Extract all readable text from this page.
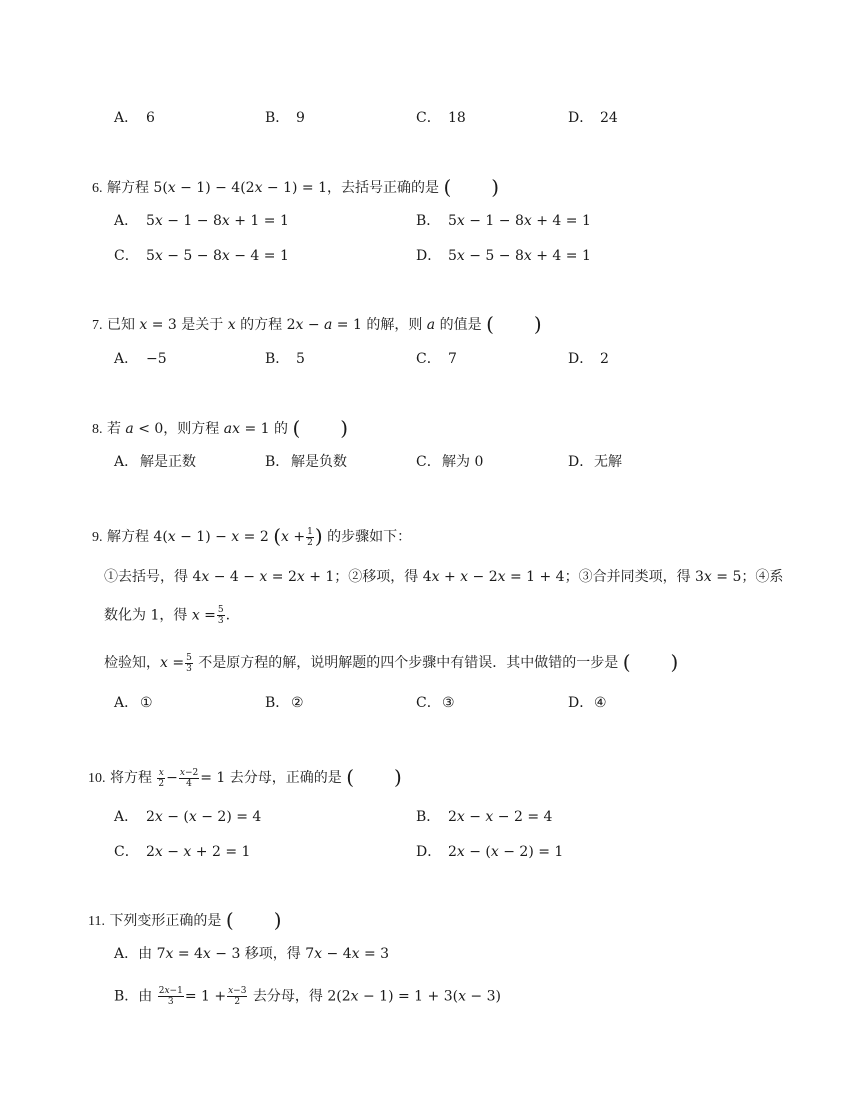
A． 6	B． 9	C． 18	D． 24
6. 解方程 5(𝑥 − 1) − 4(2𝑥 − 1) = 1，去括号正确的是 (　　)
A． 5𝑥 − 1 − 8𝑥 + 1 = 1	B． 5𝑥 − 1 − 8𝑥 + 4 = 1
C． 5𝑥 − 5 − 8𝑥 − 4 = 1	D． 5𝑥 − 5 − 8𝑥 + 4 = 1
7. 已知 𝑥 = 3 是关于 𝑥 的方程 2𝑥 − 𝑎 = 1 的解，则 𝑎 的值是 (　　)
A． −5	B． 5	C． 7	D． 2
8. 若 𝑎 < 0，则方程 𝑎𝑥 = 1 的 (　　)
A． 解是正数	B． 解是负数	C． 解为 0	D． 无解
9. 解方程 4(𝑥 − 1) − 𝑥 = 2 (𝑥 + $\frac{1}{2}$ ) 的步骤如下：
①去括号，得 4𝑥 − 4 − 𝑥 = 2𝑥 + 1；②移项，得 4𝑥 + 𝑥 − 2𝑥 = 1 + 4；③合并同类项，得 3𝑥 = 5；④系
数化为 1，得 𝑥 = $\frac{5}{3}$ .
检验知，𝑥 = $\frac{5}{3}$ 不是原方程的解，说明解题的四个步骤中有错误．其中做错的一步是 (　　)
A． ①	B． ②	C． ③	D． ④
10. 将方程 $\frac{\text{𝑥}}{2} - \frac{\text{𝑥−2}}{4} = 1$ 去分母，正确的是 (　　)
A． 2𝑥 − (𝑥 − 2) = 4	B． 2𝑥 − 𝑥 − 2 = 4
C． 2𝑥 − 𝑥 + 2 = 1	D． 2𝑥 − (𝑥 − 2) = 1
11. 下列变形正确的是 (　　)
A．由 7𝑥 = 4𝑥 − 3 移项，得 7𝑥 − 4𝑥 = 3
B．由 $\frac{\text{2𝑥−1}}{3} = 1 + \frac{\text{𝑥−3}}{2}$ 去分母，得 2(2𝑥 − 1) = 1 + 3(𝑥 − 3)
